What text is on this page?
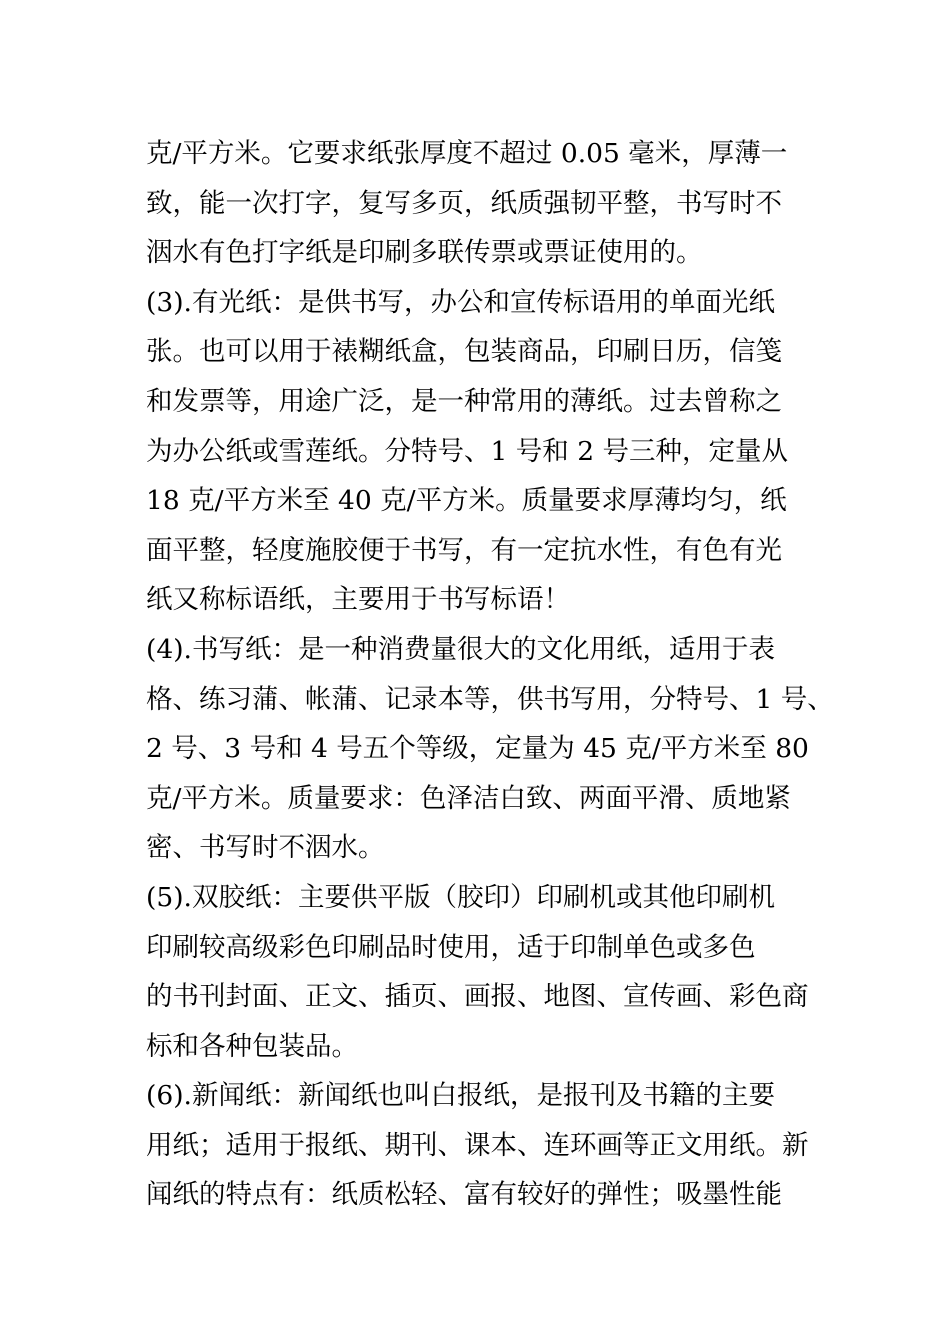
克/平方米。它要求纸张厚度不超过 0.05 毫米，厚薄一
致，能一次打字，复写多页，纸质强韧平整，书写时不
洇水有色打字纸是印刷多联传票或票证使用的。
(3).有光纸：是供书写，办公和宣传标语用的单面光纸
张。也可以用于裱糊纸盒，包装商品，印刷日历，信笺
和发票等，用途广泛，是一种常用的薄纸。过去曾称之
为办公纸或雪莲纸。分特号、1 号和 2 号三种，定量从
18 克/平方米至 40 克/平方米。质量要求厚薄均匀，纸
面平整，轻度施胶便于书写，有一定抗水性，有色有光
纸又称标语纸，主要用于书写标语！
(4).书写纸：是一种消费量很大的文化用纸，适用于表
格、练习蒲、帐蒲、记录本等，供书写用，分特号、1 号、
2 号、3 号和 4 号五个等级，定量为 45 克/平方米至 80
克/平方米。质量要求：色泽洁白致、两面平滑、质地紧
密、书写时不洇水。
(5).双胶纸：主要供平版（胶印）印刷机或其他印刷机
印刷较高级彩色印刷品时使用，适于印制单色或多色
的书刊封面、正文、插页、画报、地图、宣传画、彩色商
标和各种包装品。
(6).新闻纸：新闻纸也叫白报纸，是报刊及书籍的主要
用纸；适用于报纸、期刊、课本、连环画等正文用纸。新
闻纸的特点有：纸质松轻、富有较好的弹性；吸墨性能
